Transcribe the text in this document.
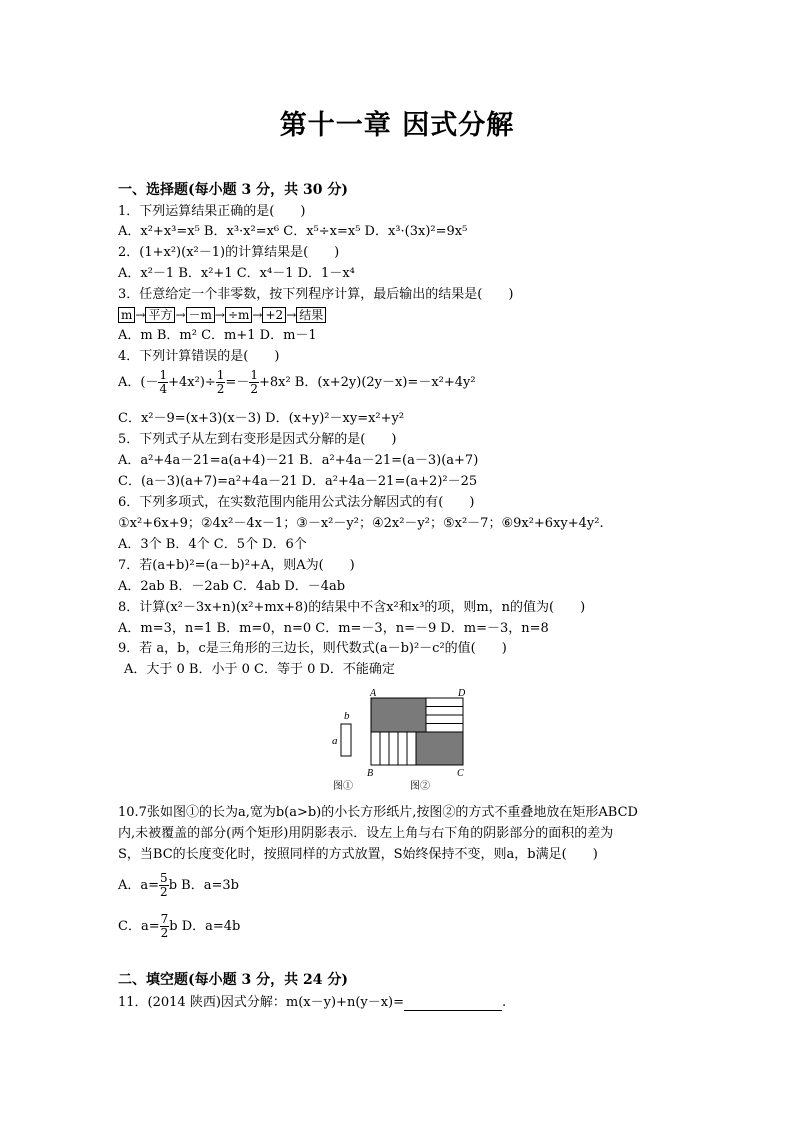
第十一章 因式分解
一、选择题(每小题 3 分，共 30 分)
1．下列运算结果正确的是(　　)
A．x²+x³=x⁵ B．x³·x²=x⁶ C．x⁵÷x=x⁵ D．x³·(3x)²=9x⁵
2．(1+x²)(x²－1)的计算结果是(　　)
A．x²－1 B．x²+1 C．x⁴－1 D．1－x⁴
3．任意给定一个非零数，按下列程序计算，最后输出的结果是(　　)
m → 平方 → －m → ÷m → +2 → 结果
A．m B．m² C．m+1 D．m－1
4．下列计算错误的是(　　)
A．(－ $\frac{1}{4} +4x^2)\div \frac{1}{2} =- \frac{1}{2} +8x^2$ B．(x+2y)(2y－x)=－x²+4y²
C．x²－9=(x+3)(x－3) D．(x+y)²－xy=x²+y²
5．下列式子从左到右变形是因式分解的是(　　)
A．a²+4a－21=a(a+4)－21 B．a²+4a－21=(a－3)(a+7)
C．(a－3)(a+7)=a²+4a－21 D．a²+4a－21=(a+2)²－25
6．下列多项式，在实数范围内能用公式法分解因式的有(　　)
①x²+6x+9；②4x²－4x－1；③－x²－y²；④2x²－y²；⑤x²－7；⑥9x²+6xy+4y².
A．3个 B．4个 C．5个 D．6个
7．若(a+b)²=(a－b)²+A，则A为(　　)
A．2ab B．－2ab C．4ab D．－4ab
8．计算(x²－3x+n)(x²+mx+8)的结果中不含x²和x³的项，则m，n的值为(　　)
A．m=3，n=1 B．m=0，n=0 C．m=－3，n=－9 D．m=－3，n=8
9．若 a，b，c是三角形的三边长，则代数式(a－b)²－c²的值(　　)
A．大于 0 B．小于 0 C．等于 0 D．不能确定
b
a
A	D
B	C
图①	图②
10.7张如图①的长为a,宽为b(a>b)的小长方形纸片,按图②的方式不重叠地放在矩形ABCD
内,未被覆盖的部分(两个矩形)用阴影表示．设左上角与右下角的阴影部分的面积的差为
S，当BC的长度变化时，按照同样的方式放置，S始终保持不变，则a，b满足(　　)
A．$a= \frac{5}{2}$ b B．a=3b
C．$a= \frac{7}{2}$ b D．a=4b
二、填空题(每小题 3 分，共 24 分)
11．(2014 陕西)因式分解：m(x－y)+n(y－x)=	.
